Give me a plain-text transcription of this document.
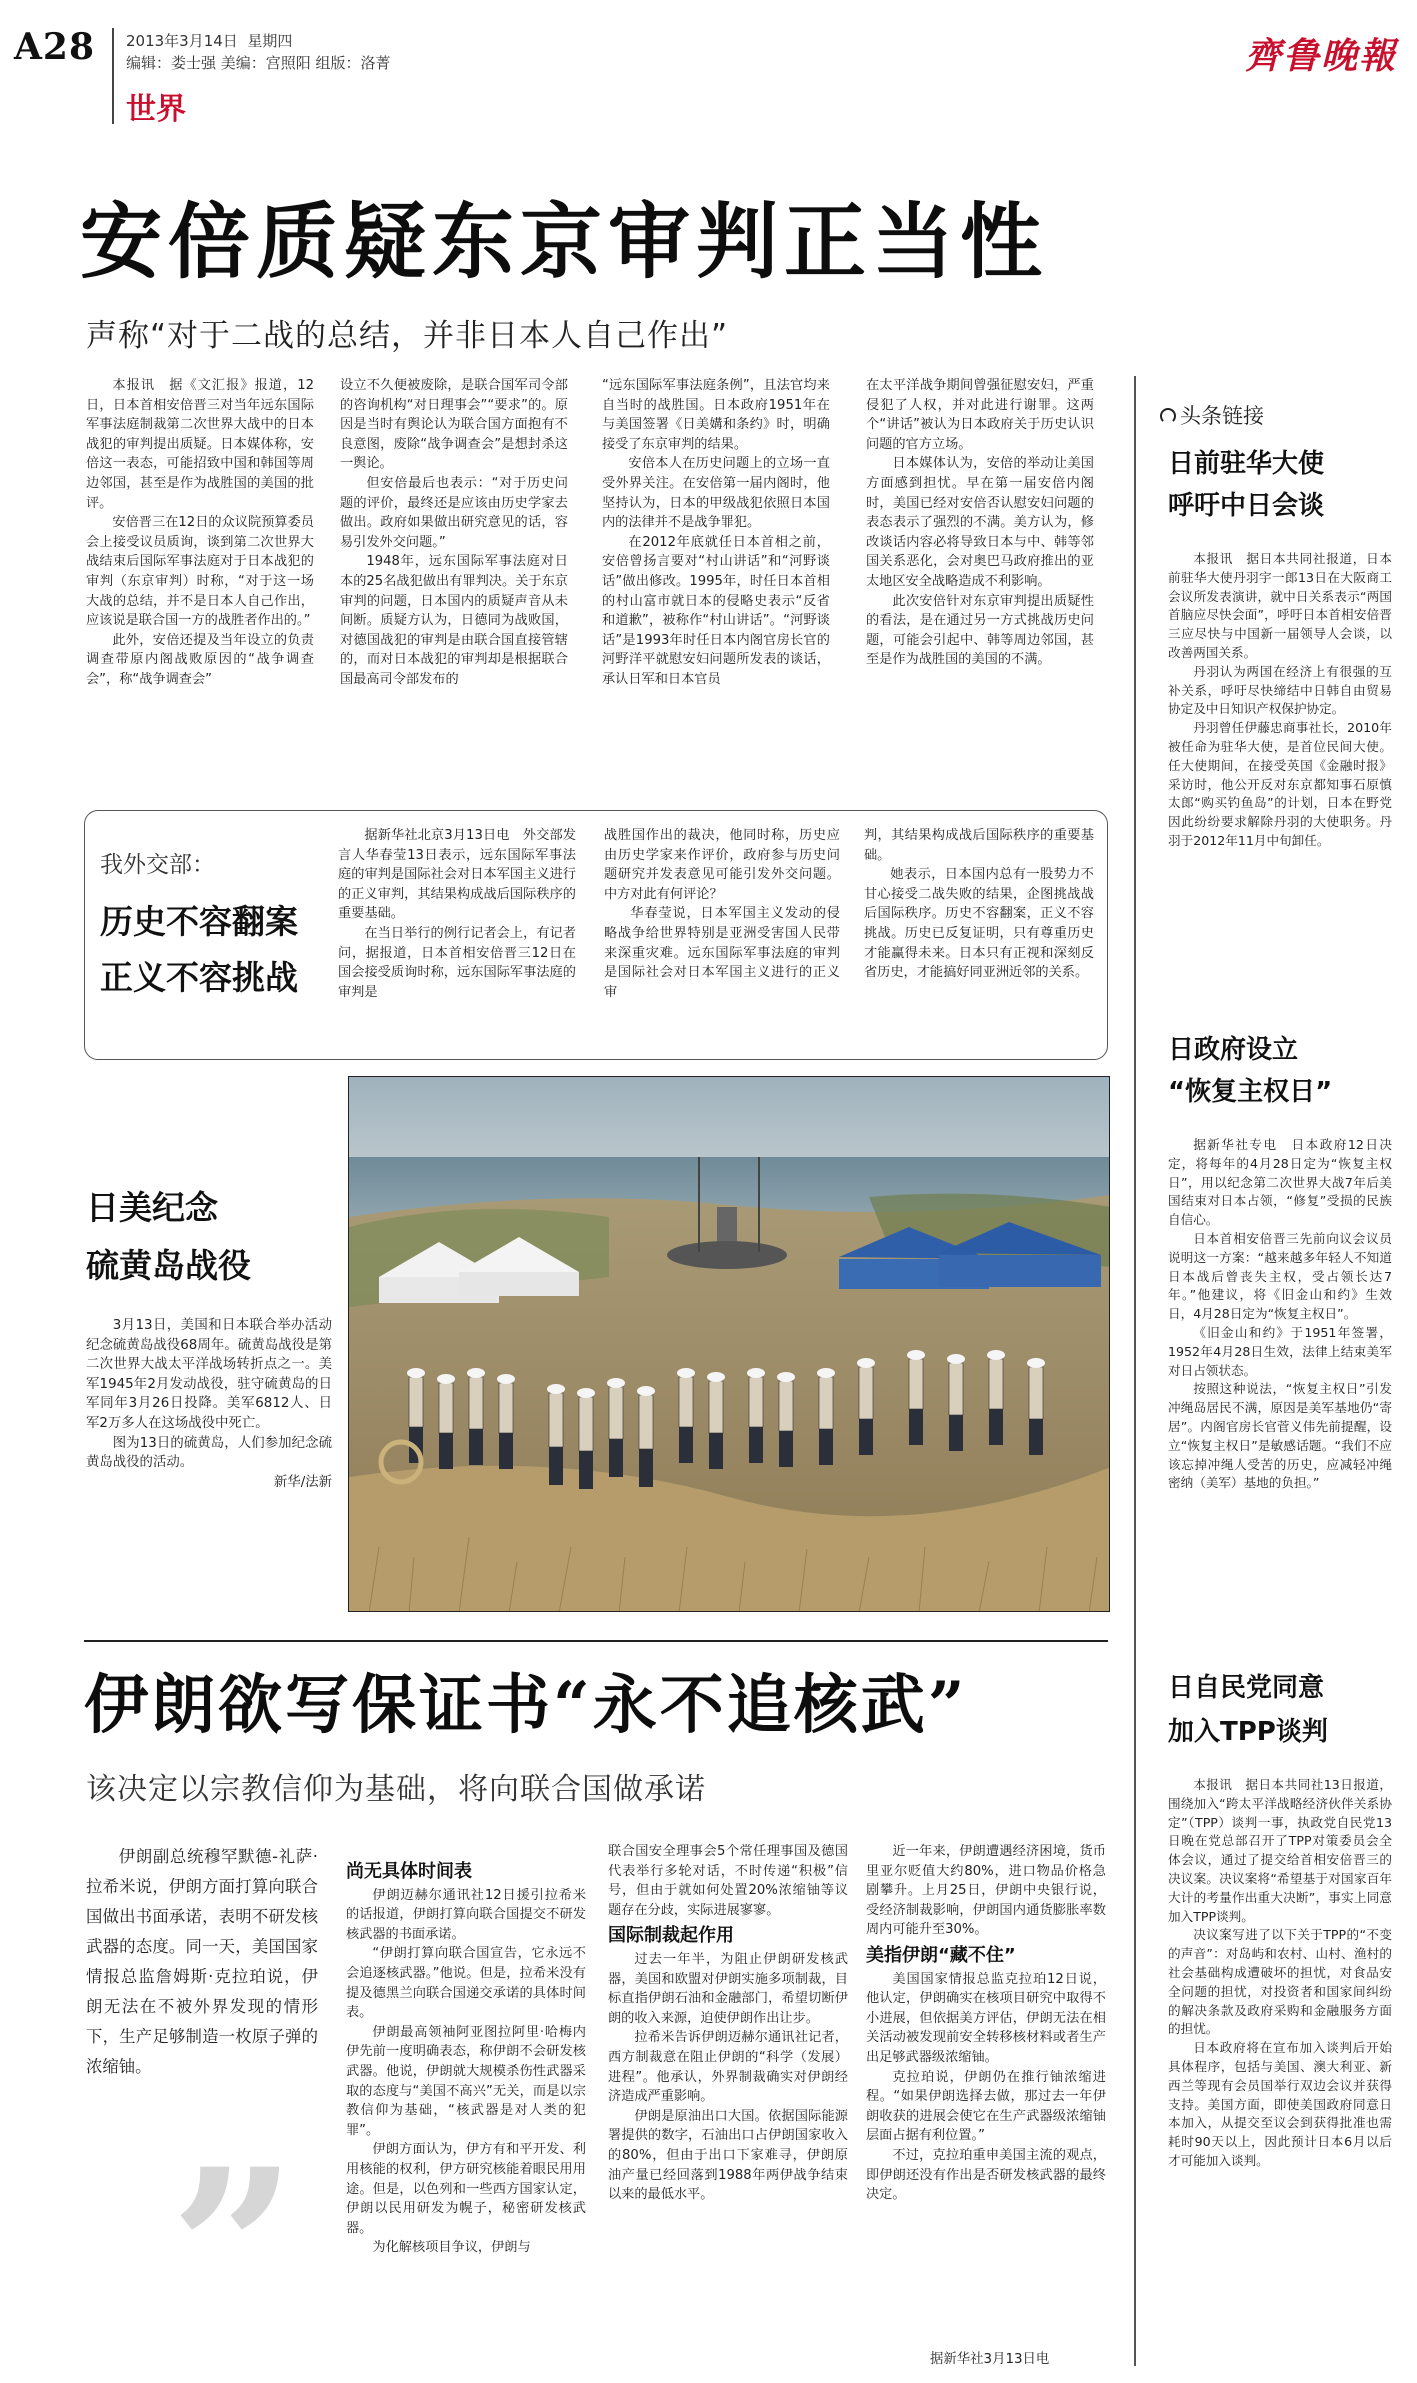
A28 2013年3月14日 星期四
编辑：娄士强 美编：宫照阳 组版：洛菁
世界
齊鲁晚報
安倍质疑东京审判正当性
声称“对于二战的总结，并非日本人自己作出”

本报讯　据《文汇报》报道，12日，日本首相安倍晋三对当年远东国际军事法庭制裁第二次世界大战中的日本战犯的审判提出质疑。日本媒体称，安倍这一表态，可能招致中国和韩国等周边邻国，甚至是作为战胜国的美国的批评。

安倍晋三在12日的众议院预算委员会上接受议员质询，谈到第二次世界大战结束后国际军事法庭对于日本战犯的审判（东京审判）时称，“对于这一场大战的总结，并不是日本人自己作出，应该说是联合国一方的战胜者作出的。”

此外，安倍还提及当年设立的负责调查带原内阁战败原因的“战争调查会”，称“战争调查会”

设立不久便被废除，是联合国军司令部的咨询机构“对日理事会”“要求”的。原因是当时有舆论认为联合国方面抱有不良意图，废除“战争调查会”是想封杀这一舆论。

但安倍最后也表示：“对于历史问题的评价，最终还是应该由历史学家去做出。政府如果做出研究意见的话，容易引发外交问题。”

1948年，远东国际军事法庭对日本的25名战犯做出有罪判决。关于东京审判的问题，日本国内的质疑声音从未间断。质疑方认为，日德同为战败国，对德国战犯的审判是由联合国直接管辖的，而对日本战犯的审判却是根据联合国最高司令部发布的

“远东国际军事法庭条例”，且法官均来自当时的战胜国。日本政府1951年在与美国签署《日美媾和条约》时，明确接受了东京审判的结果。

安倍本人在历史问题上的立场一直受外界关注。在安倍第一届内阁时，他坚持认为，日本的甲级战犯依照日本国内的法律并不是战争罪犯。

在2012年底就任日本首相之前，安倍曾扬言要对“村山讲话”和“河野谈话”做出修改。1995年，时任日本首相的村山富市就日本的侵略史表示“反省和道歉”，被称作“村山讲话”。“河野谈话”是1993年时任日本内阁官房长官的河野洋平就慰安妇问题所发表的谈话，承认日军和日本官员

在太平洋战争期间曾强征慰安妇，严重侵犯了人权，并对此进行谢罪。这两个“讲话”被认为日本政府关于历史认识问题的官方立场。

日本媒体认为，安倍的举动让美国方面感到担忧。早在第一届安倍内阁时，美国已经对安倍否认慰安妇问题的表态表示了强烈的不满。美方认为，修改谈话内容必将导致日本与中、韩等邻国关系恶化，会对奥巴马政府推出的亚太地区安全战略造成不利影响。

此次安倍针对东京审判提出质疑性的看法，是在通过另一方式挑战历史问题，可能会引起中、韩等周边邻国，甚至是作为战胜国的美国的不满。

我外交部：
历史不容翻案
正义不容挑战

据新华社北京3月13日电　外交部发言人华春莹13日表示，远东国际军事法庭的审判是国际社会对日本军国主义进行的正义审判，其结果构成战后国际秩序的重要基础。

在当日举行的例行记者会上，有记者问，据报道，日本首相安倍晋三12日在国会接受质询时称，远东国际军事法庭的审判是

战胜国作出的裁决，他同时称，历史应由历史学家来作评价，政府参与历史问题研究并发表意见可能引发外交问题。中方对此有何评论？

华春莹说，日本军国主义发动的侵略战争给世界特别是亚洲受害国人民带来深重灾难。远东国际军事法庭的审判是国际社会对日本军国主义进行的正义审

判，其结果构成战后国际秩序的重要基础。

她表示，日本国内总有一股势力不甘心接受二战失败的结果，企图挑战战后国际秩序。历史不容翻案，正义不容挑战。历史已反复证明，只有尊重历史才能赢得未来。日本只有正视和深刻反省历史，才能搞好同亚洲近邻的关系。

日美纪念
硫黄岛战役

3月13日，美国和日本联合举办活动纪念硫黄岛战役68周年。硫黄岛战役是第二次世界大战太平洋战场转折点之一。美军1945年2月发动战役，驻守硫黄岛的日军同年3月26日投降。美军6812人、日军2万多人在这场战役中死亡。

图为13日的硫黄岛，人们参加纪念硫黄岛战役的活动。

新华/法新

伊朗欲写保证书“永不追核武”
该决定以宗教信仰为基础，将向联合国做承诺
伊朗副总统穆罕默德-礼萨·拉希米说，伊朗方面打算向联合国做出书面承诺，表明不研发核武器的态度。同一天，美国国家情报总监詹姆斯·克拉珀说，伊朗无法在不被外界发现的情形下，生产足够制造一枚原子弹的浓缩铀。
”

尚无具体时间表

伊朗迈赫尔通讯社12日援引拉希米的话报道，伊朗打算向联合国提交不研发核武器的书面承诺。

“伊朗打算向联合国宣告，它永远不会追逐核武器。”他说。但是，拉希米没有提及德黑兰向联合国递交承诺的具体时间表。

伊朗最高领袖阿亚图拉阿里·哈梅内伊先前一度明确表态，称伊朗不会研发核武器。他说，伊朗就大规模杀伤性武器采取的态度与“美国不高兴”无关，而是以宗教信仰为基础，“核武器是对人类的犯罪”。

伊朗方面认为，伊方有和平开发、利用核能的权利，伊方研究核能着眼民用用途。但是，以色列和一些西方国家认定，伊朗以民用研发为幌子，秘密研发核武器。

为化解核项目争议，伊朗与

联合国安全理事会5个常任理事国及德国代表举行多轮对话，不时传递“积极”信号，但由于就如何处置20%浓缩铀等议题存在分歧，实际进展寥寥。

国际制裁起作用

过去一年半，为阻止伊朗研发核武器，美国和欧盟对伊朗实施多项制裁，目标直指伊朗石油和金融部门，希望切断伊朗的收入来源，迫使伊朗作出让步。

拉希米告诉伊朗迈赫尔通讯社记者，西方制裁意在阻止伊朗的“科学（发展）进程”。他承认，外界制裁确实对伊朗经济造成严重影响。

伊朗是原油出口大国。依据国际能源署提供的数字，石油出口占伊朗国家收入的80%，但由于出口下家难寻，伊朗原油产量已经回落到1988年两伊战争结束以来的最低水平。

近一年来，伊朗遭遇经济困境，货币里亚尔贬值大约80%，进口物品价格急剧攀升。上月25日，伊朗中央银行说，受经济制裁影响，伊朗国内通货膨胀率数周内可能升至30%。

美指伊朗“藏不住”

美国国家情报总监克拉珀12日说，他认定，伊朗确实在核项目研究中取得不小进展，但依据美方评估，伊朗无法在相关活动被发现前安全转移核材料或者生产出足够武器级浓缩铀。

克拉珀说，伊朗仍在推行铀浓缩进程。“如果伊朗选择去做，那过去一年伊朗收获的进展会使它在生产武器级浓缩铀层面占据有利位置。”

不过，克拉珀重申美国主流的观点，即伊朗还没有作出是否研发核武器的最终决定。

据新华社3月13日电
头条链接
日前驻华大使
呼吁中日会谈

本报讯　据日本共同社报道，日本前驻华大使丹羽宇一郎13日在大阪商工会议所发表演讲，就中日关系表示“两国首脑应尽快会面”，呼吁日本首相安倍晋三应尽快与中国新一届领导人会谈，以改善两国关系。

丹羽认为两国在经济上有很强的互补关系，呼吁尽快缔结中日韩自由贸易协定及中日知识产权保护协定。

丹羽曾任伊藤忠商事社长，2010年被任命为驻华大使，是首位民间大使。任大使期间，在接受英国《金融时报》采访时，他公开反对东京都知事石原慎太郎“购买钓鱼岛”的计划，日本在野党因此纷纷要求解除丹羽的大使职务。丹羽于2012年11月中旬卸任。

日政府设立
“恢复主权日”

据新华社专电　日本政府12日决定，将每年的4月28日定为“恢复主权日”，用以纪念第二次世界大战7年后美国结束对日本占领，“修复”受损的民族自信心。

日本首相安倍晋三先前向议会议员说明这一方案：“越来越多年轻人不知道日本战后曾丧失主权，受占领长达7年。”他建议，将《旧金山和约》生效日，4月28日定为“恢复主权日”。

《旧金山和约》于1951年签署，1952年4月28日生效，法律上结束美军对日占领状态。

按照这种说法，“恢复主权日”引发冲绳岛居民不满，原因是美军基地仍“寄居”。内阁官房长官菅义伟先前提醒，设立“恢复主权日”是敏感话题。“我们不应该忘掉冲绳人受苦的历史，应减轻冲绳密纳（美军）基地的负担。”

日自民党同意
加入TPP谈判

本报讯　据日本共同社13日报道，围绕加入“跨太平洋战略经济伙伴关系协定”（TPP）谈判一事，执政党自民党13日晚在党总部召开了TPP对策委员会全体会议，通过了提交给首相安倍晋三的决议案。决议案将“希望基于对国家百年大计的考量作出重大决断”，事实上同意加入TPP谈判。

决议案写进了以下关于TPP的“不变的声音”：对岛屿和农村、山村、渔村的社会基础构成遭破坏的担忧，对食品安全问题的担忧，对投资者和国家间纠纷的解决条款及政府采购和金融服务方面的担忧。

日本政府将在宣布加入谈判后开始具体程序，包括与美国、澳大利亚、新西兰等现有会员国举行双边会议并获得支持。美国方面，即使美国政府同意日本加入，从提交至议会到获得批准也需耗时90天以上，因此预计日本6月以后才可能加入谈判。
